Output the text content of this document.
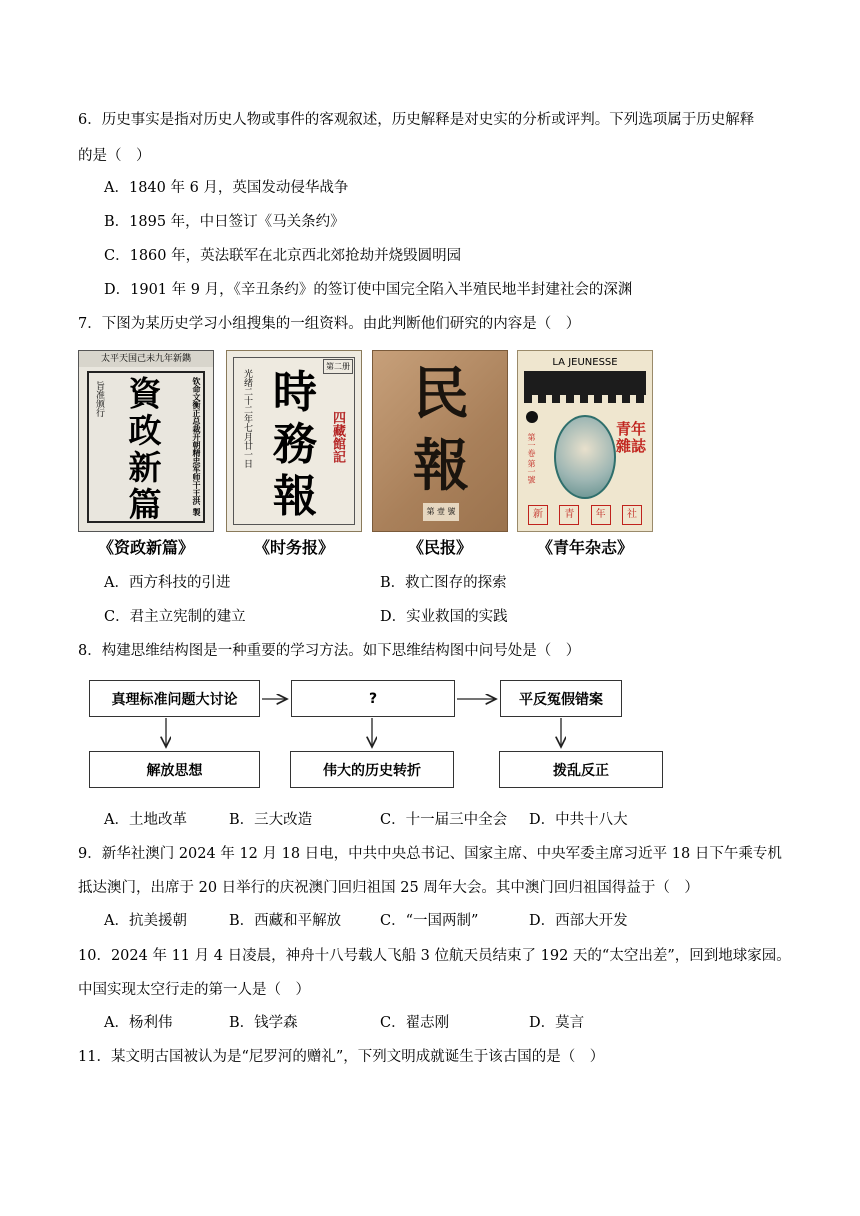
6．历史事实是指对历史人物或事件的客观叙述，历史解释是对史实的分析或评判。下列选项属于历史解释
的是（　）
A．1840 年 6 月，英国发动侵华战争
B．1895 年，中日签订《马关条约》
C．1860 年，英法联军在北京西北郊抢劫并烧毁圆明园
D．1901 年 9 月，《辛丑条约》的签订使中国完全陷入半殖民地半封建社会的深渊
7．下图为某历史学习小组搜集的一组资料。由此判断他们研究的内容是（　）
太平天国己未九年新鐫
旨准颁行 資
政
新
篇	钦命文衡正总裁开朝精忠军师干王洪 製
第二册
光绪二十二年七月廿一日 時
務
報
四藏館記
民
報
第 壹 號
LA JEUNESSE
青年雜誌
第一卷 第一號
新	青	年	社
《资政新篇》	《时务报》	《民报》	《青年杂志》
A．西方科技的引进	B．救亡图存的探索
C．君主立宪制的建立	D．实业救国的实践
8．构建思维结构图是一种重要的学习方法。如下思维结构图中问号处是（　）
真理标准问题大讨论	?	平反冤假错案
解放思想	伟大的历史转折	拨乱反正
A．土地改革	B．三大改造	C．十一届三中全会 D．中共十八大
9．新华社澳门 2024 年 12 月 18 日电，中共中央总书记、国家主席、中央军委主席习近平 18 日下午乘专机
抵达澳门，出席于 20 日举行的庆祝澳门回归祖国 25 周年大会。其中澳门回归祖国得益于（　）
A．抗美援朝	B．西藏和平解放	C．“一国两制”	D．西部大开发
10．2024 年 11 月 4 日凌晨，神舟十八号载人飞船 3 位航天员结束了 192 天的“太空出差”，回到地球家园。
中国实现太空行走的第一人是（　）
A．杨利伟	B．钱学森	C．翟志刚	D．莫言
11．某文明古国被认为是“尼罗河的赠礼”，下列文明成就诞生于该古国的是（　）
